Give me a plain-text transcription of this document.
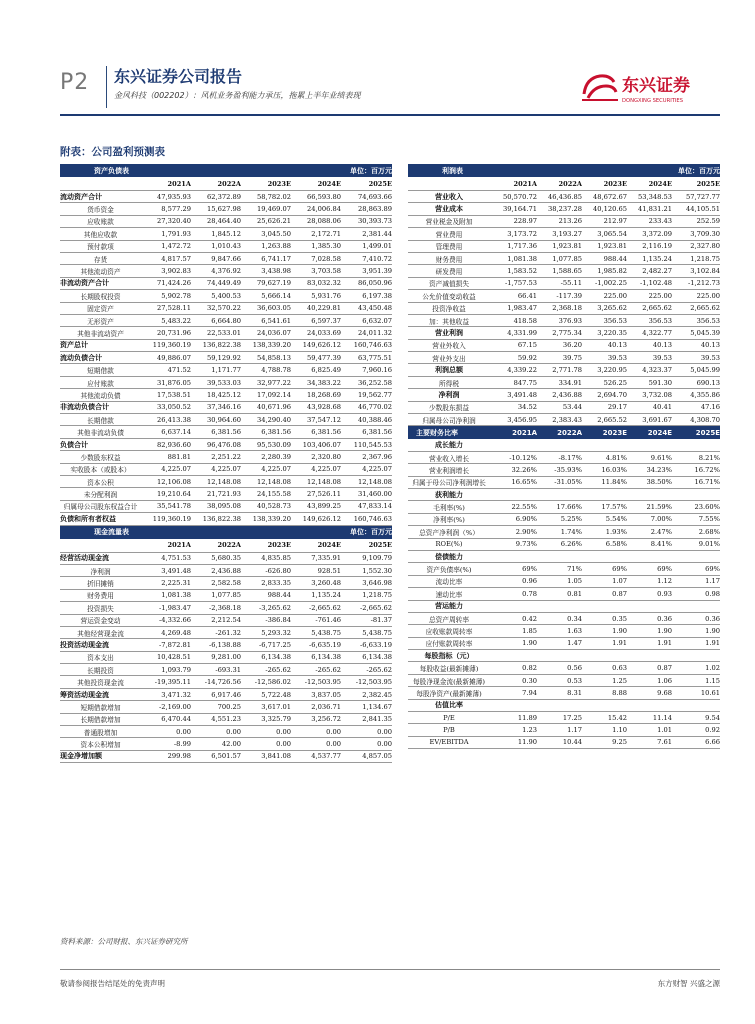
P2 东兴证券公司报告
金风科技（002202）：风机业务盈利能力承压，拖累上半年业绩表现	东兴证券
DONGXING SECURITIES
附表：公司盈利预测表
资产负债表			单位：百万元		
	2021A	2022A	2023E	2024E	2025E
流动资产合计	47,935.93	62,372.89	58,782.02	66,593.80	74,693.66
货币资金	8,577.29	15,627.98	19,469.07	24,006.84	28,863.89
应收账款	27,320.40	28,464.40	25,626.21	28,088.06	30,393.73
其他应收款	1,791.93	1,845.12	3,045.50	2,172.71	2,381.44
预付款项	1,472.72	1,010.43	1,263.88	1,385.30	1,499.01
存货	4,817.57	9,847.66	6,741.17	7,028.58	7,410.72
其他流动资产	3,902.83	4,376.92	3,438.98	3,703.58	3,951.39
非流动资产合计	71,424.26	74,449.49	79,627.19	83,032.32	86,050.96
长期股权投资	5,902.78	5,400.53	5,666.14	5,931.76	6,197.38
固定资产	27,528.11	32,570.22	36,603.05	40,229.81	43,450.48
无形资产	5,483.22	6,664.80	6,541.61	6,597.37	6,632.07
其他非流动资产	20,731.96	22,533.01	24,036.07	24,033.69	24,011.32
资产总计	119,360.19	136,822.38	138,339.20	149,626.12	160,746.63
流动负债合计	49,886.07	59,129.92	54,858.13	59,477.39	63,775.51
短期借款	471.52	1,171.77	4,788.78	6,825.49	7,960.16
应付账款	31,876.05	39,533.03	32,977.22	34,383.22	36,252.58
其他流动负债	17,538.51	18,425.12	17,092.14	18,268.69	19,562.77
非流动负债合计	33,050.52	37,346.16	40,671.96	43,928.68	46,770.02
长期借款	26,413.38	30,964.60	34,290.40	37,547.12	40,388.46
其他非流动负债	6,637.14	6,381.56	6,381.56	6,381.56	6,381.56
负债合计	82,936.60	96,476.08	95,530.09	103,406.07	110,545.53
少数股东权益	881.81	2,251.22	2,280.39	2,320.80	2,367.96
实收股本（或股本）	4,225.07	4,225.07	4,225.07	4,225.07	4,225.07
资本公积	12,106.08	12,148.08	12,148.08	12,148.08	12,148.08
未分配利润	19,210.64	21,721.93	24,155.58	27,526.11	31,460.00
归属母公司股东权益合计	35,541.78	38,095.08	40,528.73	43,899.25	47,833.14
负债和所有者权益	119,360.19	136,822.38	138,339.20	149,626.12	160,746.63
现金流量表			单位：百万元		
	2021A	2022A	2023E	2024E	2025E
经营活动现金流	4,751.53	5,680.35	4,835.85	7,335.91	9,109.79
净利润	3,491.48	2,436.88	-626.80	928.51	1,552.30
折旧摊销	2,225.31	2,582.58	2,833.35	3,260.48	3,646.98
财务费用	1,081.38	1,077.85	988.44	1,135.24	1,218.75
投资损失	-1,983.47	-2,368.18	-3,265.62	-2,665.62	-2,665.62
营运资金变动	-4,332.66	2,212.54	-386.84	-761.46	-81.37
其他经营现金流	4,269.48	-261.32	5,293.32	5,438.75	5,438.75
投资活动现金流	-7,872.81	-6,138.88	-6,717.25	-6,635.19	-6,633.19
资本支出	10,428.51	9,281.00	6,134.38	6,134.38	6,134.38
长期投资	1,093.79	-693.31	-265.62	-265.62	-265.62
其他投资现金流	-19,395.11	-14,726.56	-12,586.02	-12,503.95	-12,503.95
筹资活动现金流	3,471.32	6,917.46	5,722.48	3,837.05	2,382.45
短期借款增加	-2,169.00	700.25	3,617.01	2,036.71	1,134.67
长期借款增加	6,470.44	4,551.23	3,325.79	3,256.72	2,841.35
普通股增加	0.00	0.00	0.00	0.00	0.00
资本公积增加	-8.99	42.00	0.00	0.00	0.00
现金净增加额	299.98	6,501.57	3,841.08	4,537.77	4,857.05
利润表			单位：百万元		
	2021A	2022A	2023E	2024E	2025E
营业收入	50,570.72	46,436.85	48,672.67	53,348.53	57,727.77
营业成本	39,164.71	38,237.28	40,120.65	41,831.21	44,105.51
营业税金及附加	228.97	213.26	212.97	233.43	252.59
营业费用	3,173.72	3,193.27	3,065.54	3,372.09	3,709.30
管理费用	1,717.36	1,923.81	1,923.81	2,116.19	2,327.80
财务费用	1,081.38	1,077.85	988.44	1,135.24	1,218.75
研发费用	1,583.52	1,588.65	1,985.82	2,482.27	3,102.84
资产减值损失	-1,757.53	-55.11	-1,002.25	-1,102.48	-1,212.73
公允价值变动收益	66.41	-117.39	225.00	225.00	225.00
投资净收益	1,983.47	2,368.18	3,265.62	2,665.62	2,665.62
加：其他收益	418.58	376.93	356.53	356.53	356.53
营业利润	4,331.99	2,775.34	3,220.35	4,322.77	5,045.39
营业外收入	67.15	36.20	40.13	40.13	40.13
营业外支出	59.92	39.75	39.53	39.53	39.53
利润总额	4,339.22	2,771.78	3,220.95	4,323.37	5,045.99
所得税	847.75	334.91	526.25	591.30	690.13
净利润	3,491.48	2,436.88	2,694.70	3,732.08	4,355.86
少数股东损益	34.52	53.44	29.17	40.41	47.16
归属母公司净利润	3,456.95	2,383.43	2,665.52	3,691.67	4,308.70
主要财务比率	2021A	2022A	2023E	2024E	2025E
成长能力					
营业收入增长	-10.12%	-8.17%	4.81%	9.61%	8.21%
营业利润增长	32.26%	-35.93%	16.03%	34.23%	16.72%
归属于母公司净利润增长	16.65%	-31.05%	11.84%	38.50%	16.71%
获利能力					
毛利率(%)	22.55%	17.66%	17.57%	21.59%	23.60%
净利率(%)	6.90%	5.25%	5.54%	7.00%	7.55%
总资产净利润（%）	2.90%	1.74%	1.93%	2.47%	2.68%
ROE(%)	9.73%	6.26%	6.58%	8.41%	9.01%
偿债能力					
资产负债率(%)	69%	71%	69%	69%	69%
流动比率	0.96	1.05	1.07	1.12	1.17
速动比率	0.78	0.81	0.87	0.93	0.98
营运能力					
总资产周转率	0.42	0.34	0.35	0.36	0.36
应收账款周转率	1.85	1.63	1.90	1.90	1.90
应付账款周转率	1.90	1.47	1.91	1.91	1.91
每股指标（元）					
每股收益(最新摊薄)	0.82	0.56	0.63	0.87	1.02
每股净现金流(最新摊薄)	0.30	0.53	1.25	1.06	1.15
每股净资产(最新摊薄)	7.94	8.31	8.88	9.68	10.61
估值比率					
P/E	11.89	17.25	15.42	11.14	9.54
P/B	1.23	1.17	1.10	1.01	0.92
EV/EBITDA	11.90	10.44	9.25	7.61	6.66
资料来源：公司财报、东兴证券研究所
敬请参阅报告结尾处的免责声明	东方财智 兴盛之源
